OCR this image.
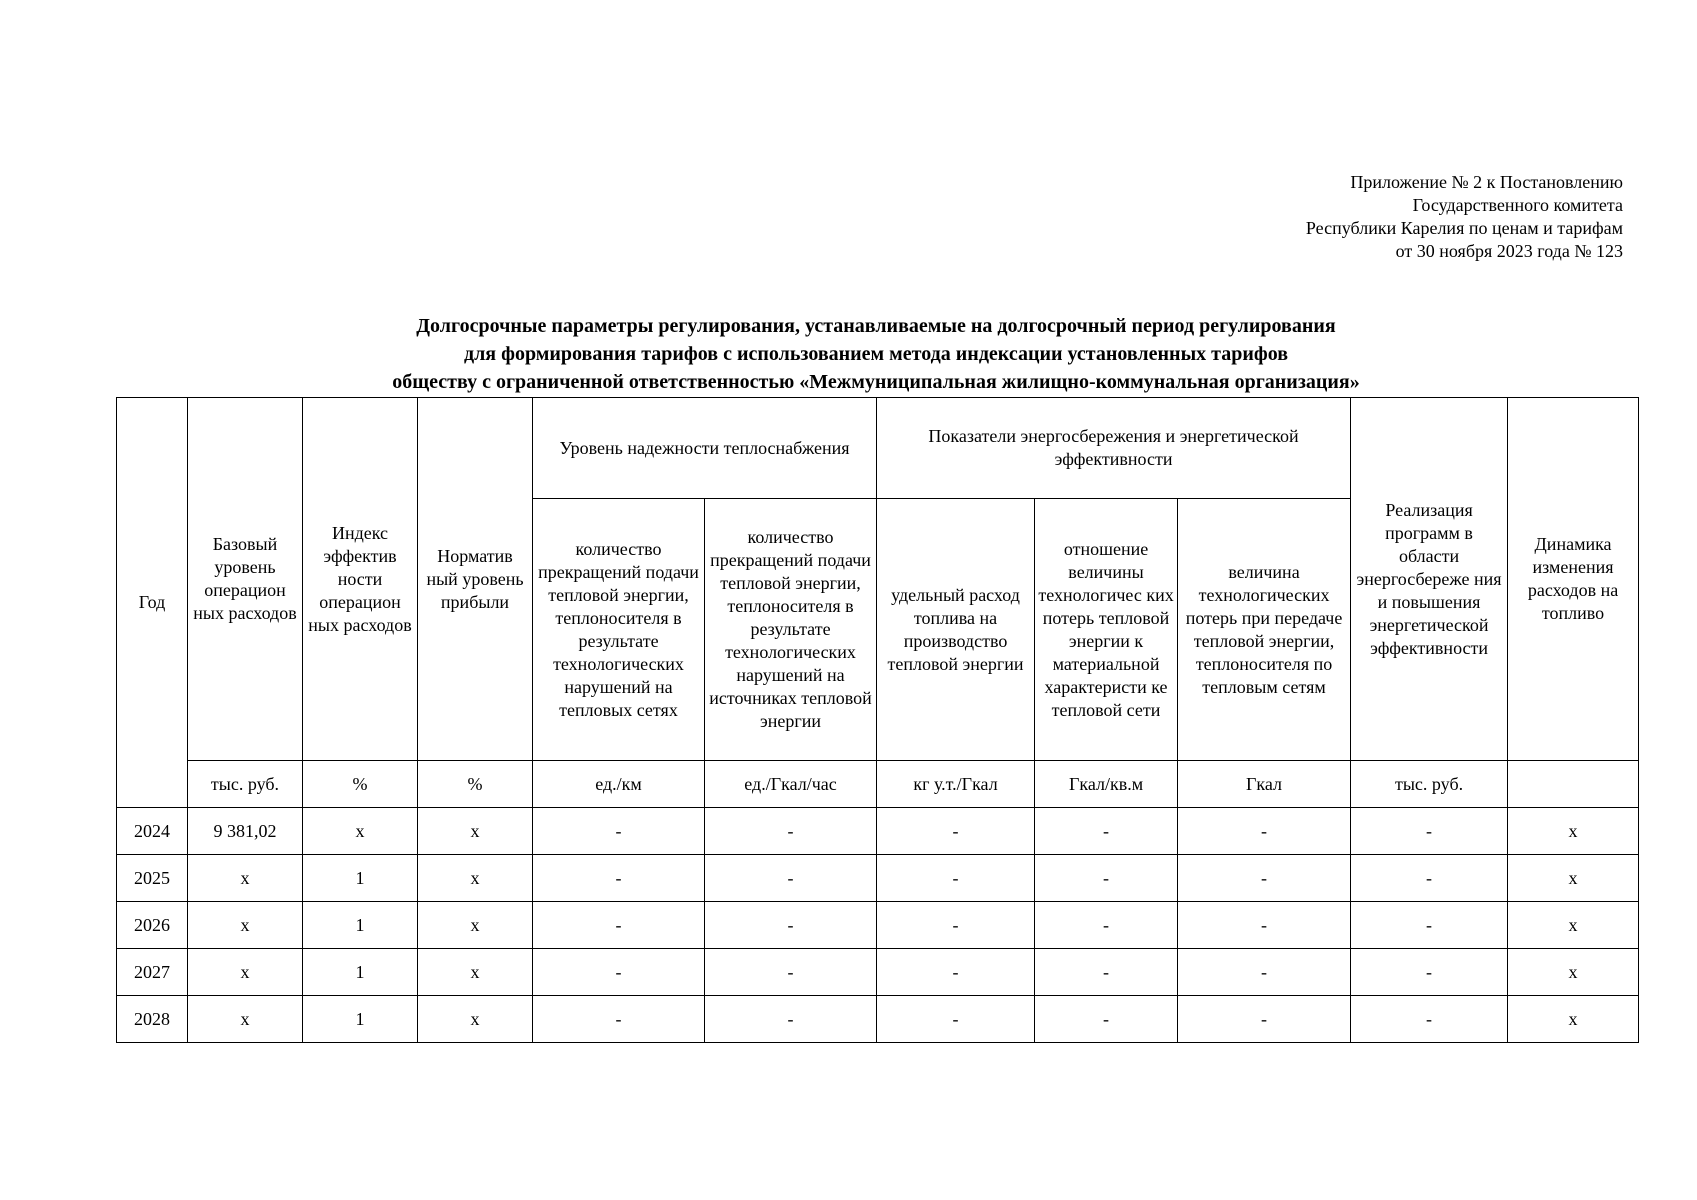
Приложение № 2 к Постановлению
Государственного комитета
Республики Карелия по ценам и тарифам
от 30 ноября 2023 года № 123
Долгосрочные параметры регулирования, устанавливаемые на долгосрочный период регулирования
для формирования тарифов с использованием метода индексации установленных тарифов
обществу с ограниченной ответственностью «Межмуниципальная жилищно-коммунальная организация»
Год	Базовый уровень операцион ных расходов	Индекс эффектив ности операцион ных расходов	Норматив ный уровень прибыли	Уровень надежности теплоснабжения		Показатели энергосбережения и энергетической эффективности			Реализация программ в области энергосбереже ния и повышения энергетической эффективности	Динамика изменения расходов на топливо
				количество прекращений подачи тепловой энергии, теплоносителя в результате технологических нарушений на тепловых сетях	количество прекращений подачи тепловой энергии, теплоносителя в результате технологических нарушений на источниках тепловой энергии	удельный расход топлива на производство тепловой энергии	отношение величины технологичес ких потерь тепловой энергии к материальной характеристи ке тепловой сети	величина технологических потерь при передаче тепловой энергии, теплоносителя по тепловым сетям		
	тыс. руб.	%	%	ед./км	ед./Гкал/час	кг у.т./Гкал	Гкал/кв.м	Гкал	тыс. руб.	
2024	9 381,02	х	х	-	-	-	-	-	-	х
2025	х	1	х	-	-	-	-	-	-	х
2026	х	1	х	-	-	-	-	-	-	х
2027	х	1	х	-	-	-	-	-	-	х
2028	х	1	х	-	-	-	-	-	-	х
